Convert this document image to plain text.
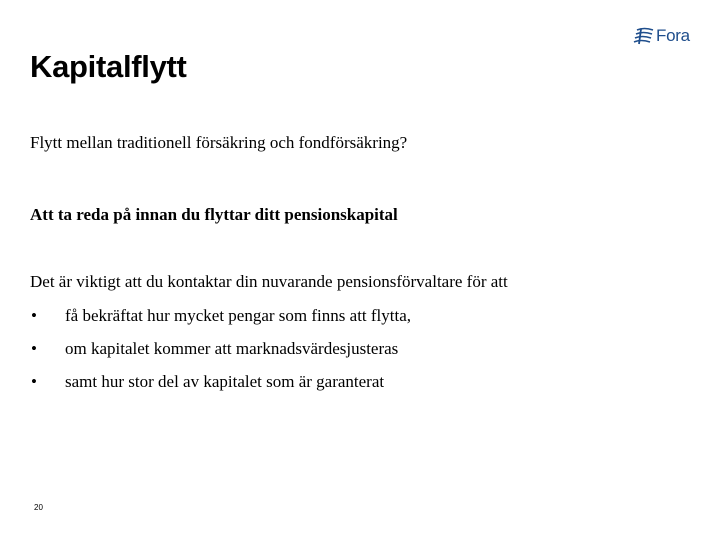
Fora
Kapitalflytt
Flytt mellan traditionell försäkring och fondförsäkring?
Att ta reda på innan du flyttar ditt pensionskapital
Det är viktigt att du kontaktar din nuvarande pensionsförvaltare för att
•	få bekräftat hur mycket pengar som finns att flytta,
•	om kapitalet kommer att marknadsvärdesjusteras
•	samt hur stor del av kapitalet som är garanterat
20
